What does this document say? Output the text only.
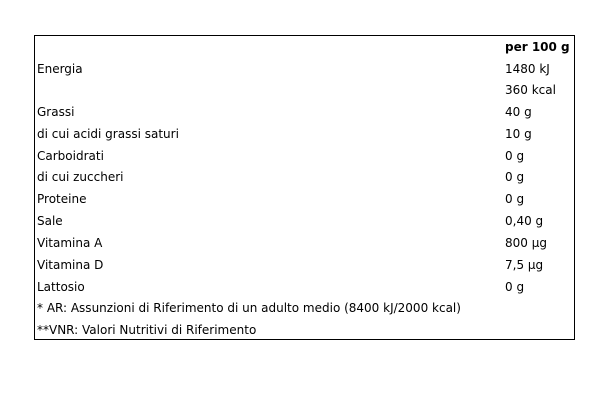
per 100 g
Energia	1480 kJ
360 kcal
Grassi	40 g
di cui acidi grassi saturi	10 g
Carboidrati	0 g
di cui zuccheri	0 g
Proteine	0 g
Sale	0,40 g
Vitamina A	800 µg
Vitamina D	7,5 µg
Lattosio	0 g
* AR: Assunzioni di Riferimento di un adulto medio (8400 kJ/2000 kcal)
**VNR: Valori Nutritivi di Riferimento
